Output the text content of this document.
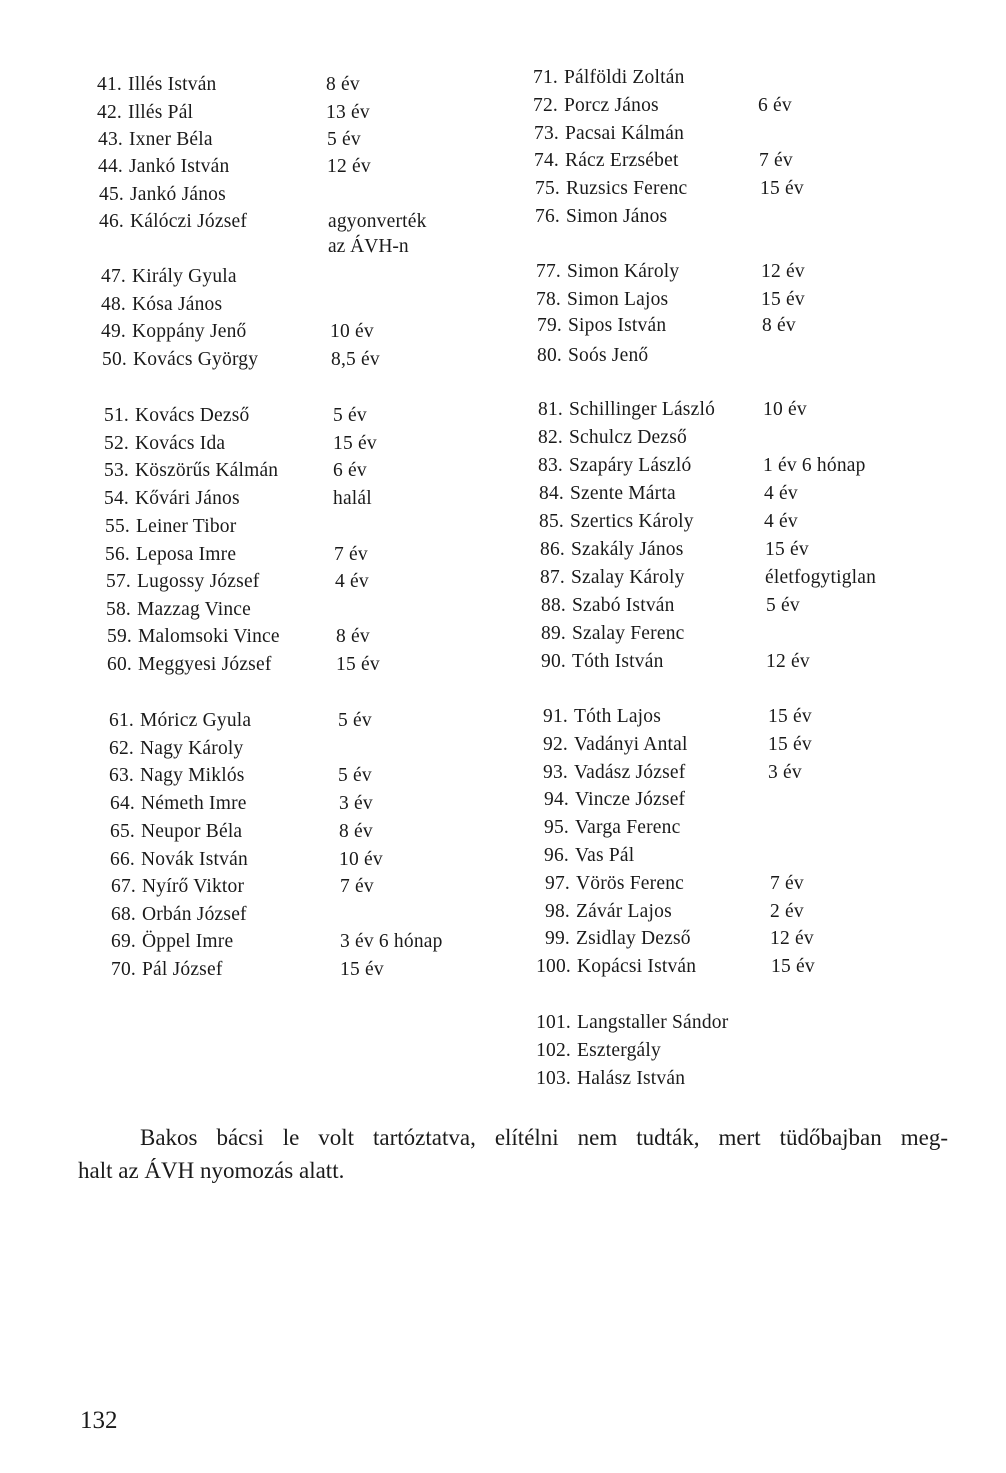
41. Illés István	8 év
42. Illés Pál	13 év
43. Ixner Béla	5 év
44. Jankó István	12 év
45. Jankó János
46. Kálóczi József	agyonverték
az ÁVH-n
47. Király Gyula
48. Kósa János
49. Koppány Jenő	10 év
50. Kovács György	8,5 év
51. Kovács Dezső	5 év
52. Kovács Ida	15 év
53. Köszörűs Kálmán	6 év
54. Kővári János	halál
55. Leiner Tibor
56. Leposa Imre	7 év
57. Lugossy József	4 év
58. Mazzag Vince
59. Malomsoki Vince	8 év
60. Meggyesi József	15 év
61. Móricz Gyula	5 év
62. Nagy Károly
63. Nagy Miklós	5 év
64. Németh Imre	3 év
65. Neupor Béla	8 év
66. Novák István	10 év
67. Nyírő Viktor	7 év
68. Orbán József
69. Öppel Imre	3 év 6 hónap
70. Pál József	15 év
71. Pálföldi Zoltán
72. Porcz János	6 év
73. Pacsai Kálmán
74. Rácz Erzsébet	7 év
75. Ruzsics Ferenc	15 év
76. Simon János
77. Simon Károly	12 év
78. Simon Lajos	15 év
79. Sipos István	8 év
80. Soós Jenő
81. Schillinger László 10 év
82. Schulcz Dezső
83. Szapáry László	1 év 6 hónap
84. Szente Márta	4 év
85. Szertics Károly	4 év
86. Szakály János	15 év
87. Szalay Károly	életfogytiglan
88. Szabó István	5 év
89. Szalay Ferenc
90. Tóth István	12 év
91. Tóth Lajos	15 év
92. Vadányi Antal	15 év
93. Vadász József	3 év
94. Vincze József
95. Varga Ferenc
96. Vas Pál
97. Vörös Ferenc	7 év
98. Závár Lajos	2 év
99. Zsidlay Dezső	12 év
100. Kopácsi István	15 év
101. Langstaller Sándor
102. Esztergály
103. Halász István

Bakos bácsi le volt tartóztatva, elítélni nem tudták, mert tüdőbajban meg-
halt az ÁVH nyomozás alatt.

132
